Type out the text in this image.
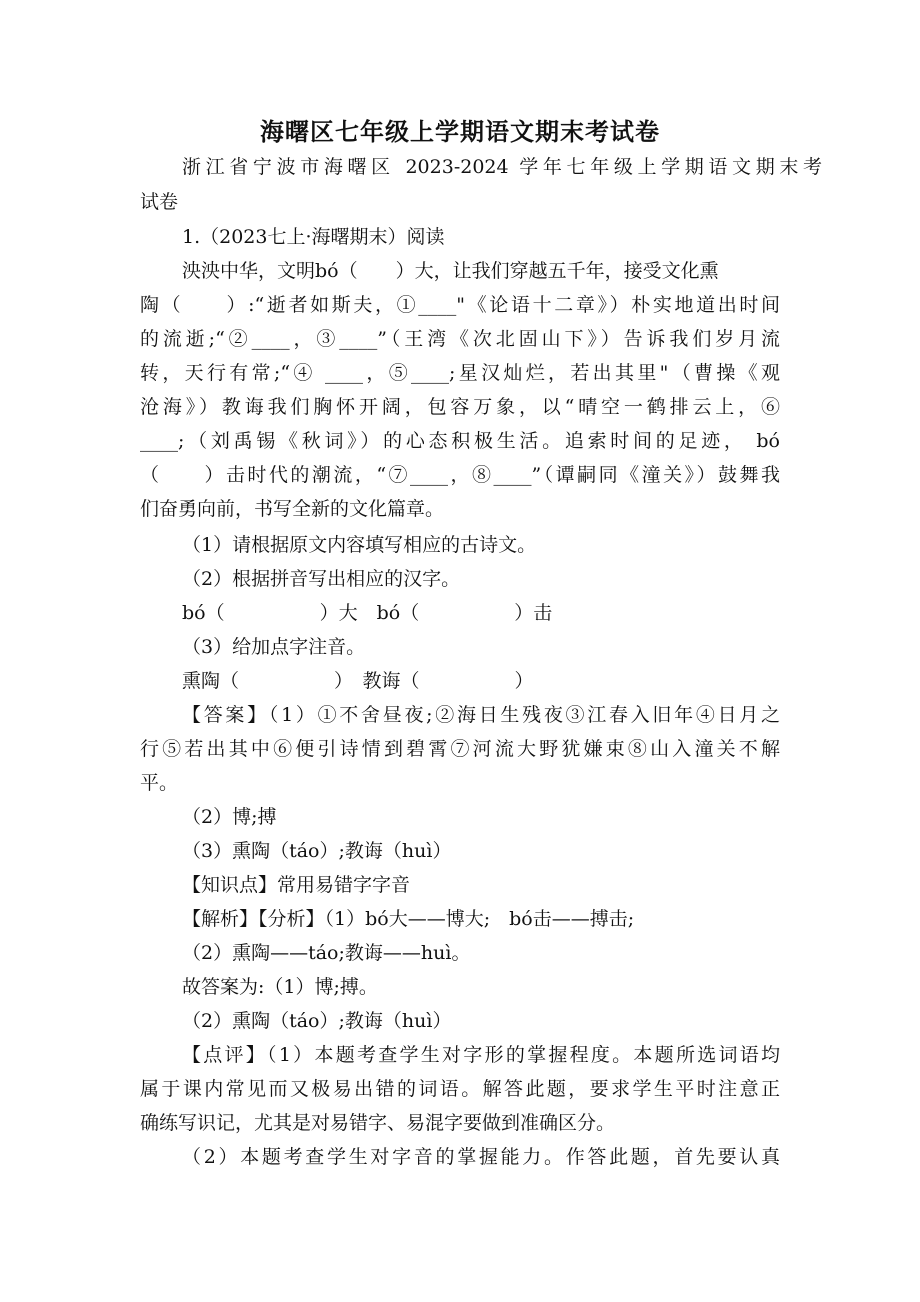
海曙区七年级上学期语文期末考试卷
浙江省宁波市海曙区 2023-2024 学年七年级上学期语文期末考
试卷
1.（2023七上·海曙期末）阅读
泱泱中华，文明bó（　　）大，让我们穿越五千年，接受文化熏
陶（　　）:“逝者如斯夫，①____"《论语十二章》）朴实地道出时间
的流逝;“②____，③____”（王湾《次北固山下》）告诉我们岁月流
转，天行有常;“④ ____，⑤____;星汉灿烂，若出其里"（曹操《观
沧海》）教诲我们胸怀开阔，包容万象，以“晴空一鹤排云上，⑥
____;（刘禹锡《秋词》）的心态积极生活。追索时间的足迹， bó
（　　）击时代的潮流，“⑦____，⑧____”（谭嗣同《潼关》）鼓舞我
们奋勇向前，书写全新的文化篇章。
（1）请根据原文内容填写相应的古诗文。
（2）根据拼音写出相应的汉字。
bó（　　　　　）大　bó（　　　　　）击
（3）给加点字注音。
熏陶（　　　　　）　教诲（　　　　　）
【答案】（1）①不舍昼夜;②海日生残夜③江春入旧年④日月之
行⑤若出其中⑥便引诗情到碧霄⑦河流大野犹嫌束⑧山入潼关不解
平。
（2）博;搏
（3）熏陶（táo）;教诲（huì）
【知识点】常用易错字字音
【解析】【分析】（1）bó大——博大;　bó击——搏击;
（2）熏陶——táo;教诲——huì。
故答案为:（1）博;搏。
（2）熏陶（táo）;教诲（huì）
【点评】（1）本题考查学生对字形的掌握程度。本题所选词语均
属于课内常见而又极易出错的词语。解答此题，要求学生平时注意正
确练写识记，尤其是对易错字、易混字要做到准确区分。
（2）本题考查学生对字音的掌握能力。作答此题，首先要认真
